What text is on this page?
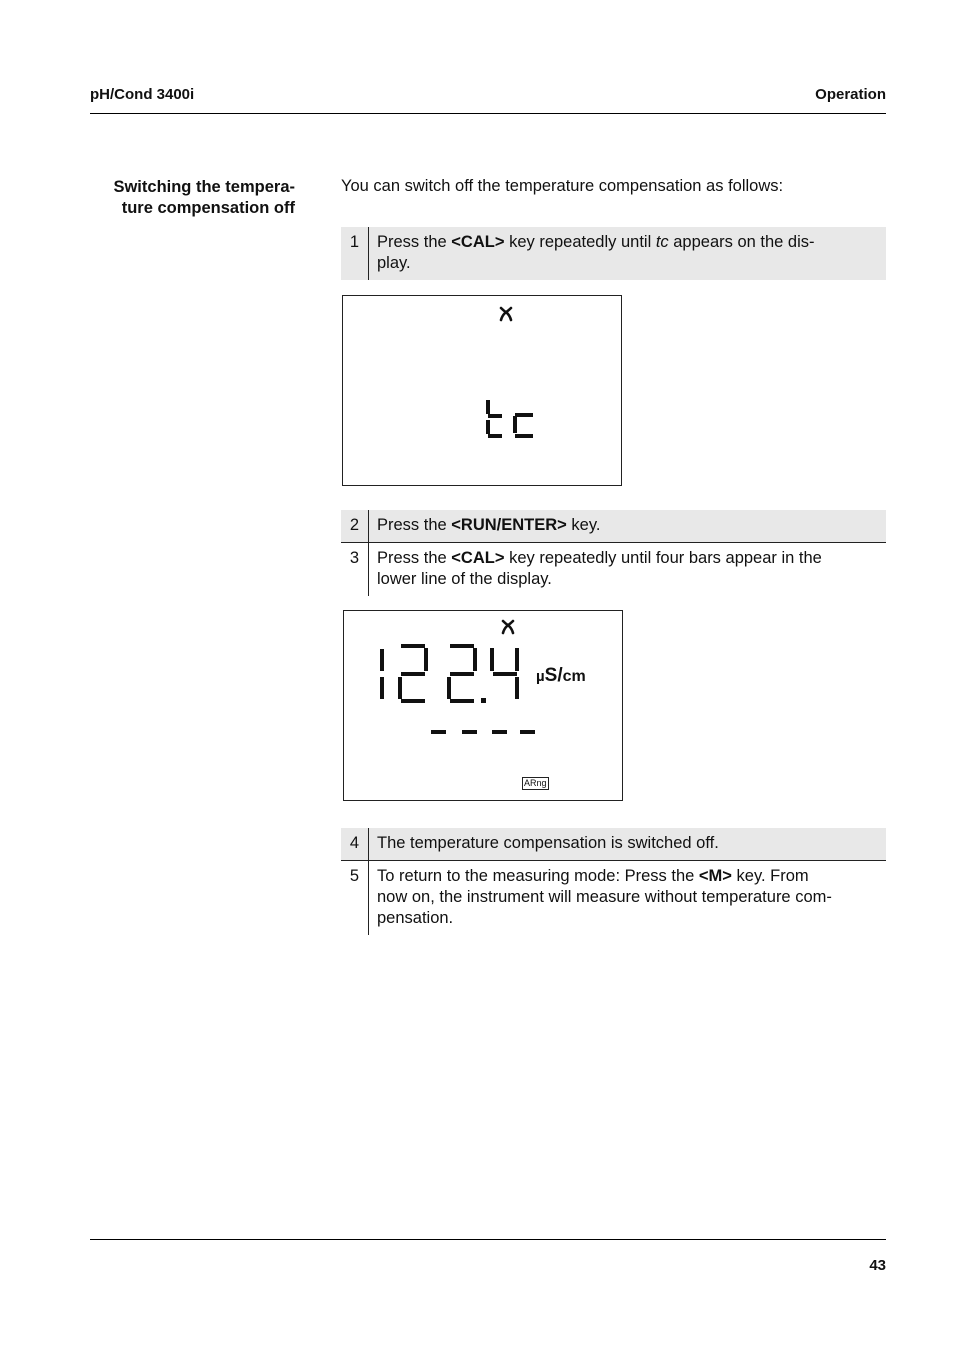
pH/Cond 3400i	Operation
Switching the tempera-
ture compensation off
You can switch off the temperature compensation as follows:
1	Press the <CAL> key repeatedly until tc appears on the dis-
play.
2	Press the <RUN/ENTER> key.
3	Press the <CAL> key repeatedly until four bars appear in the
lower line of the display.
µS/cm
ARng
4	The temperature compensation is switched off.
5	To return to the measuring mode: Press the <M> key. From
now on, the instrument will measure without temperature com-
pensation.
43
